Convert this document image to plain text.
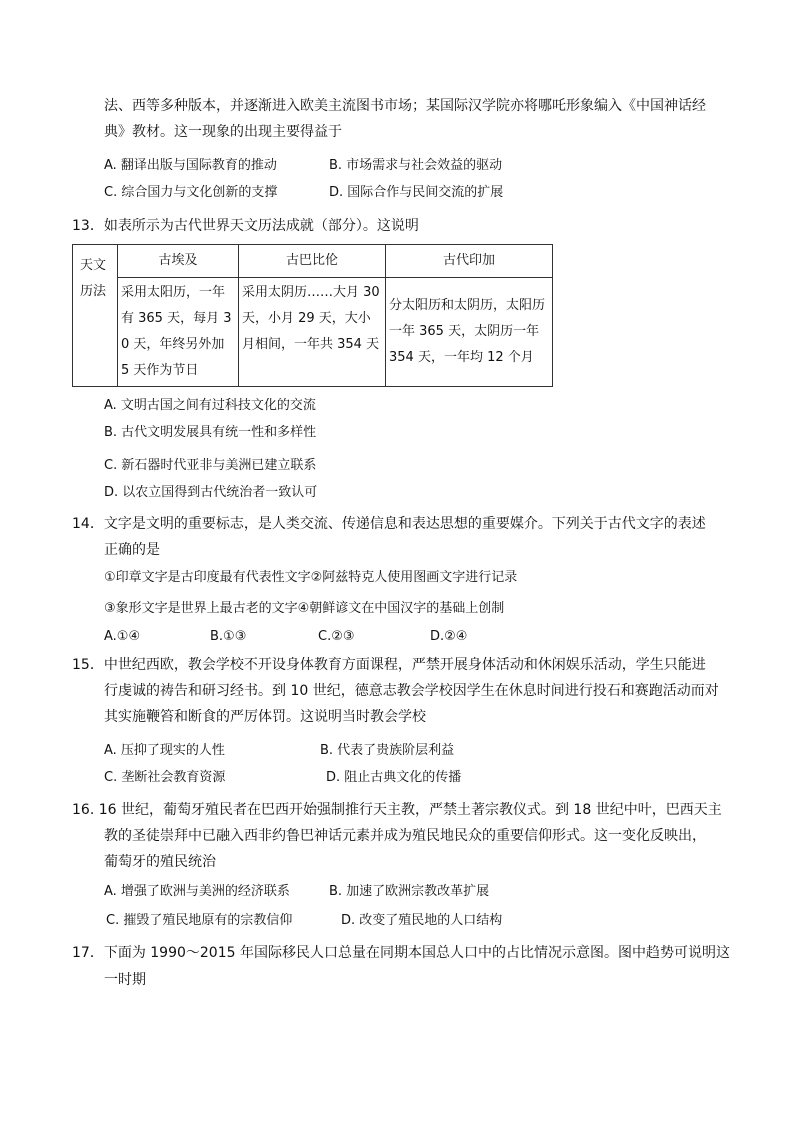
法、西等多种版本，并逐渐进入欧美主流图书市场；某国际汉学院亦将哪吒形象编入《中国神话经
典》教材。这一现象的出现主要得益于
A. 翻译出版与国际教育的推动	B. 市场需求与社会效益的驱动
C. 综合国力与文化创新的支撑	D. 国际合作与民间交流的扩展
13．如表所示为古代世界天文历法成就（部分）。这说明
天文历法	古埃及	古巴比伦	古代印加

	采用太阳历，一年有 365 天，每月 30 天，年终另外加 5 天作为节日	采用太阴历……大月 30 天，小月 29 天，大小月相间，一年共 354 天	分太阳历和太阴历，太阳历一年 365 天，太阴历一年 354 天，一年均 12 个月
A. 文明古国之间有过科技文化的交流
B. 古代文明发展具有统一性和多样性
C. 新石器时代亚非与美洲已建立联系
D. 以农立国得到古代统治者一致认可
14．文字是文明的重要标志，是人类交流、传递信息和表达思想的重要媒介。下列关于古代文字的表述
正确的是
①印章文字是古印度最有代表性文字②阿兹特克人使用图画文字进行记录
③象形文字是世界上最古老的文字④朝鲜谚文在中国汉字的基础上创制
A.①④	B.①③	C.②③	D.②④
15．中世纪西欧，教会学校不开设身体教育方面课程，严禁开展身体活动和休闲娱乐活动，学生只能进
行虔诚的祷告和研习经书。到 10 世纪，德意志教会学校因学生在休息时间进行投石和赛跑活动而对
其实施鞭笞和断食的严厉体罚。这说明当时教会学校
A. 压抑了现实的人性	B. 代表了贵族阶层利益
C. 垄断社会教育资源	D. 阻止古典文化的传播
16. 16 世纪，葡萄牙殖民者在巴西开始强制推行天主教，严禁土著宗教仪式。到 18 世纪中叶，巴西天主
教的圣徒崇拜中已融入西非约鲁巴神话元素并成为殖民地民众的重要信仰形式。这一变化反映出，
葡萄牙的殖民统治
A. 增强了欧洲与美洲的经济联系	B. 加速了欧洲宗教改革扩展
C. 摧毁了殖民地原有的宗教信仰	D. 改变了殖民地的人口结构
17．下面为 1990～2015 年国际移民人口总量在同期本国总人口中的占比情况示意图。图中趋势可说明这
一时期
